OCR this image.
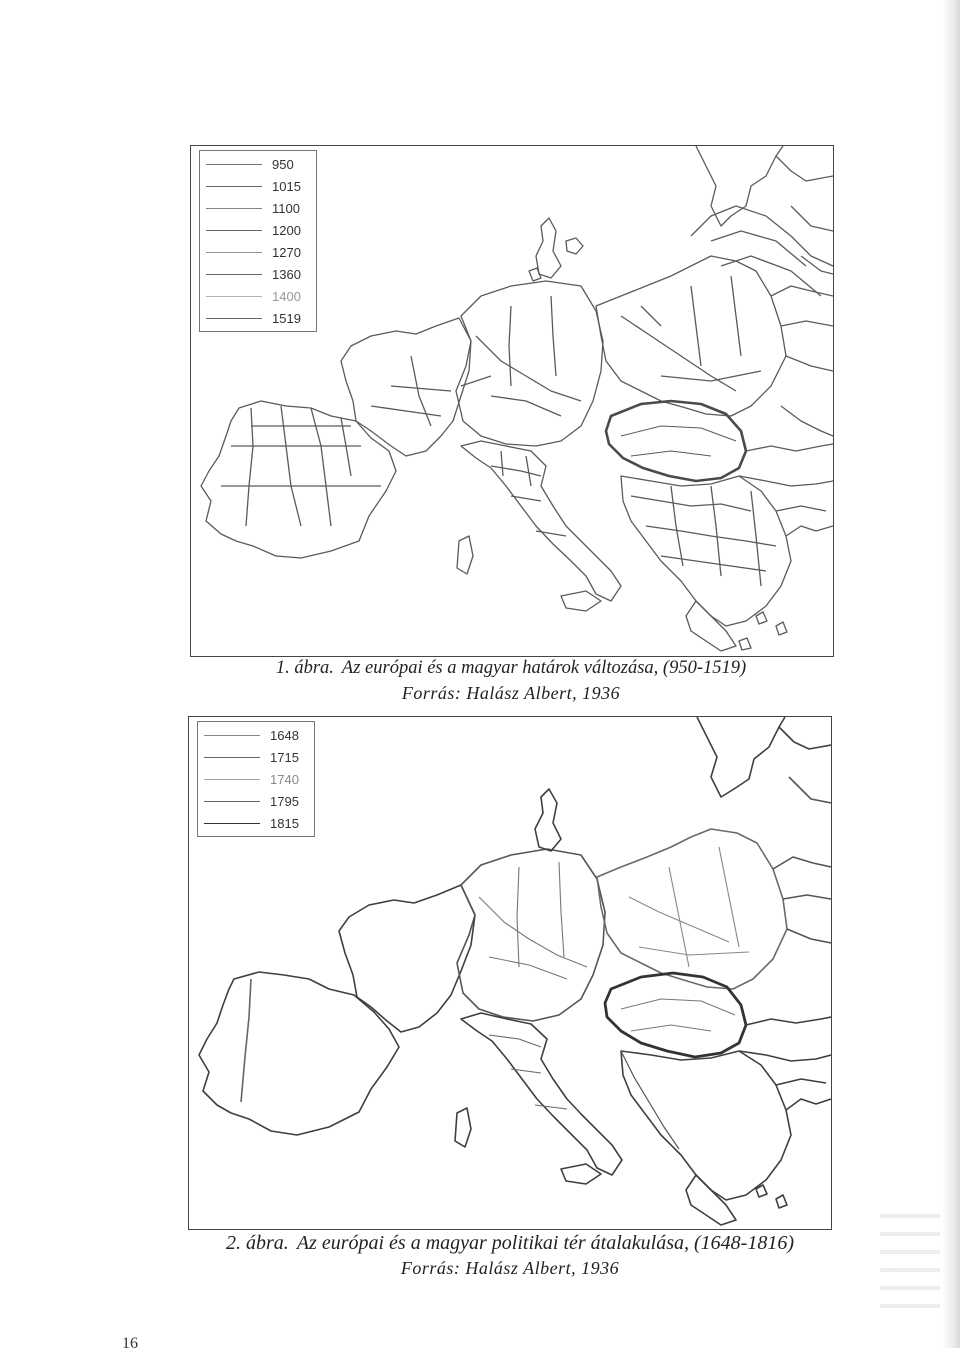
950
1015
1100
1200
1270
1360
1400
1519
1. ábra. Az európai és a magyar határok változása, (950-1519)
Forrás: Halász Albert, 1936
1648
1715
1740
1795
1815
2. ábra. Az európai és a magyar politikai tér átalakulása, (1648-1816)
Forrás: Halász Albert, 1936
16
